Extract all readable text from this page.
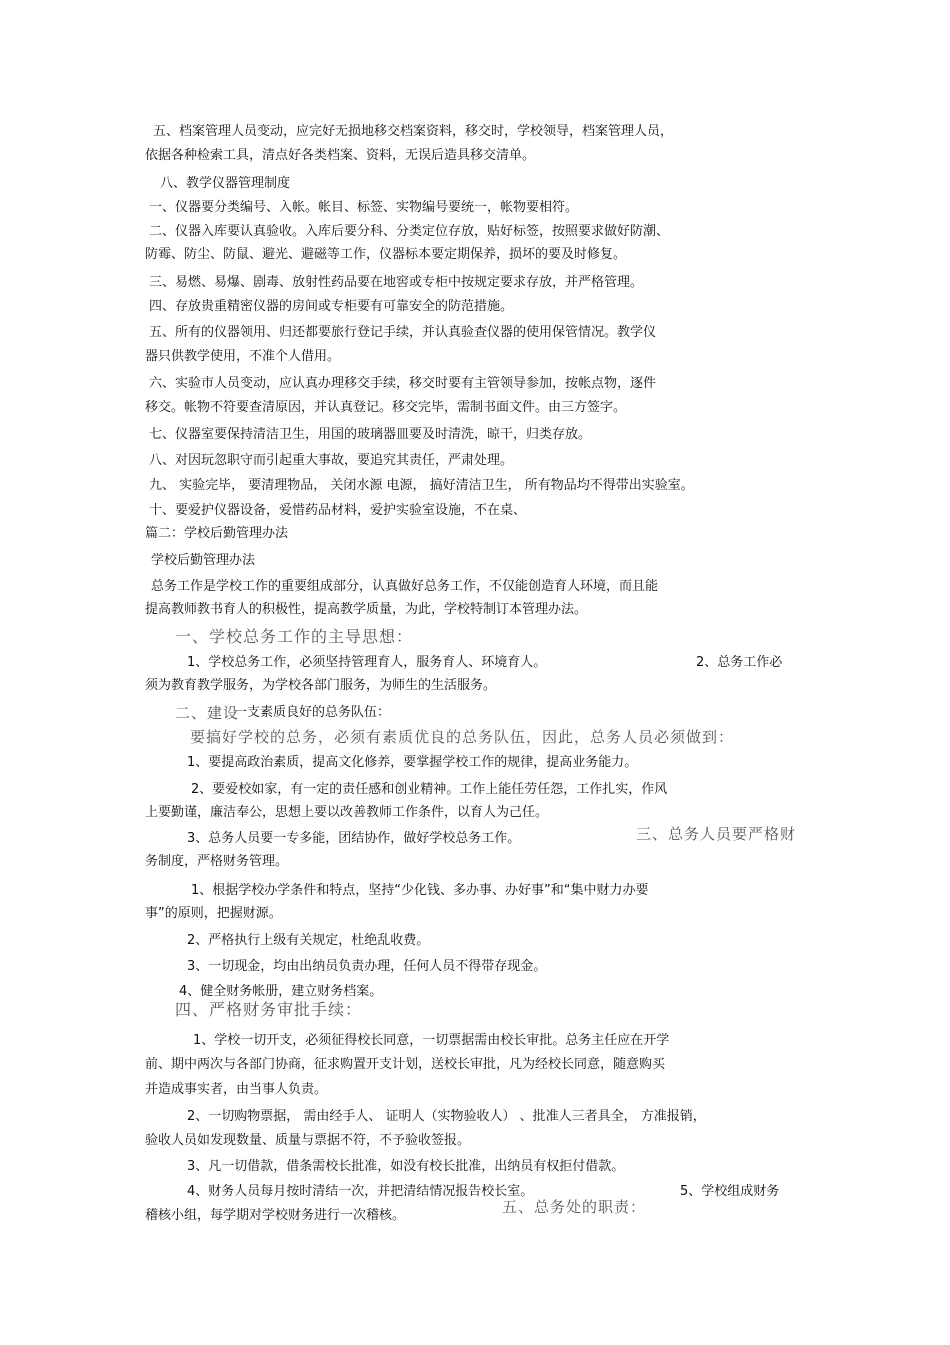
五、档案管理人员变动，应完好无损地移交档案资料，移交时，学校领导，档案管理人员，
依据各种检索工具，清点好各类档案、资料，无误后造具移交清单。
八、教学仪器管理制度
一、仪器要分类编号、入帐。帐目、标签、实物编号要统一，帐物要相符。
二、仪器入库要认真验收。入库后要分科、分类定位存放，贴好标签，按照要求做好防潮、
防霉、防尘、防鼠、避光、避磁等工作，仪器标本要定期保养，损坏的要及时修复。
三、易燃、易爆、剧毒、放射性药品要在地窖或专柜中按规定要求存放，并严格管理。
四、存放贵重精密仪器的房间或专柜要有可靠安全的防范措施。
五、所有的仪器领用、归还都要旅行登记手续，并认真验查仪器的使用保管情况。教学仪
器只供教学使用，不准个人借用。
六、实验市人员变动，应认真办理移交手续，移交时要有主管领导参加，按帐点物，逐件
移交。帐物不符要查清原因，并认真登记。移交完毕，需制书面文件。由三方签字。
七、仪器室要保持清洁卫生，用国的玻璃器皿要及时清洗，晾干，归类存放。
八、对因玩忽职守而引起重大事故，要追究其责任，严肃处理。
九、 实验完毕， 要清理物品， 关闭水源 电源， 搞好清洁卫生， 所有物品均不得带出实验室。
十、要爱护仪器设备，爱惜药品材料，爱护实验室设施，不在桌、
篇二：学校后勤管理办法
学校后勤管理办法
总务工作是学校工作的重要组成部分，认真做好总务工作，不仅能创造育人环境，而且能
提高教师教书育人的积极性，提高教学质量，为此，学校特制订本管理办法。
一、学校总务工作的主导思想：
1、学校总务工作，必须坚持管理育人，服务育人、环境育人。	2、总务工作必
须为教育教学服务，为学校各部门服务，为师生的生活服务。
二、建设
一支素质良好的总务队伍：
要搞好学校的总务，必须有素质优良的总务队伍，因此，总务人员必须做到：
1、要提高政治素质，提高文化修养，要掌握学校工作的规律，提高业务能力。
2、要爱校如家，有一定的责任感和创业精神。工作上能任劳任怨，工作扎实，作风
上要勤谨，廉洁奉公，思想上要以改善教师工作条件，以育人为己任。
3、总务人员要一专多能，团结协作，做好学校总务工作。	三、总务人员要严格财
务制度，严格财务管理。
1、根据学校办学条件和特点，坚持“少化钱、多办事、办好事”和“集中财力办要
事”的原则，把握财源。
2、严格执行上级有关规定，杜绝乱收费。
3、一切现金，均由出纳员负责办理，任何人员不得带存现金。
4、健全财务帐册，建立财务档案。
四、严格财务审批手续：
1、学校一切开支，必须征得校长同意，一切票据需由校长审批。总务主任应在开学
前、期中两次与各部门协商，征求购置开支计划，送校长审批，凡为经校长同意，随意购买
并造成事实者，由当事人负责。
2、一切购物票据， 需由经手人、 证明人（实物验收人） 、批准人三者具全， 方准报销，
验收人员如发现数量、质量与票据不符，不予验收签报。
3、凡一切借款，借条需校长批准，如没有校长批准，出纳员有权拒付借款。
4、财务人员每月按时清结一次，并把清结情况报告校长室。	5、学校组成财务
五、总务处的职责：
稽核小组，每学期对学校财务进行一次稽核。
